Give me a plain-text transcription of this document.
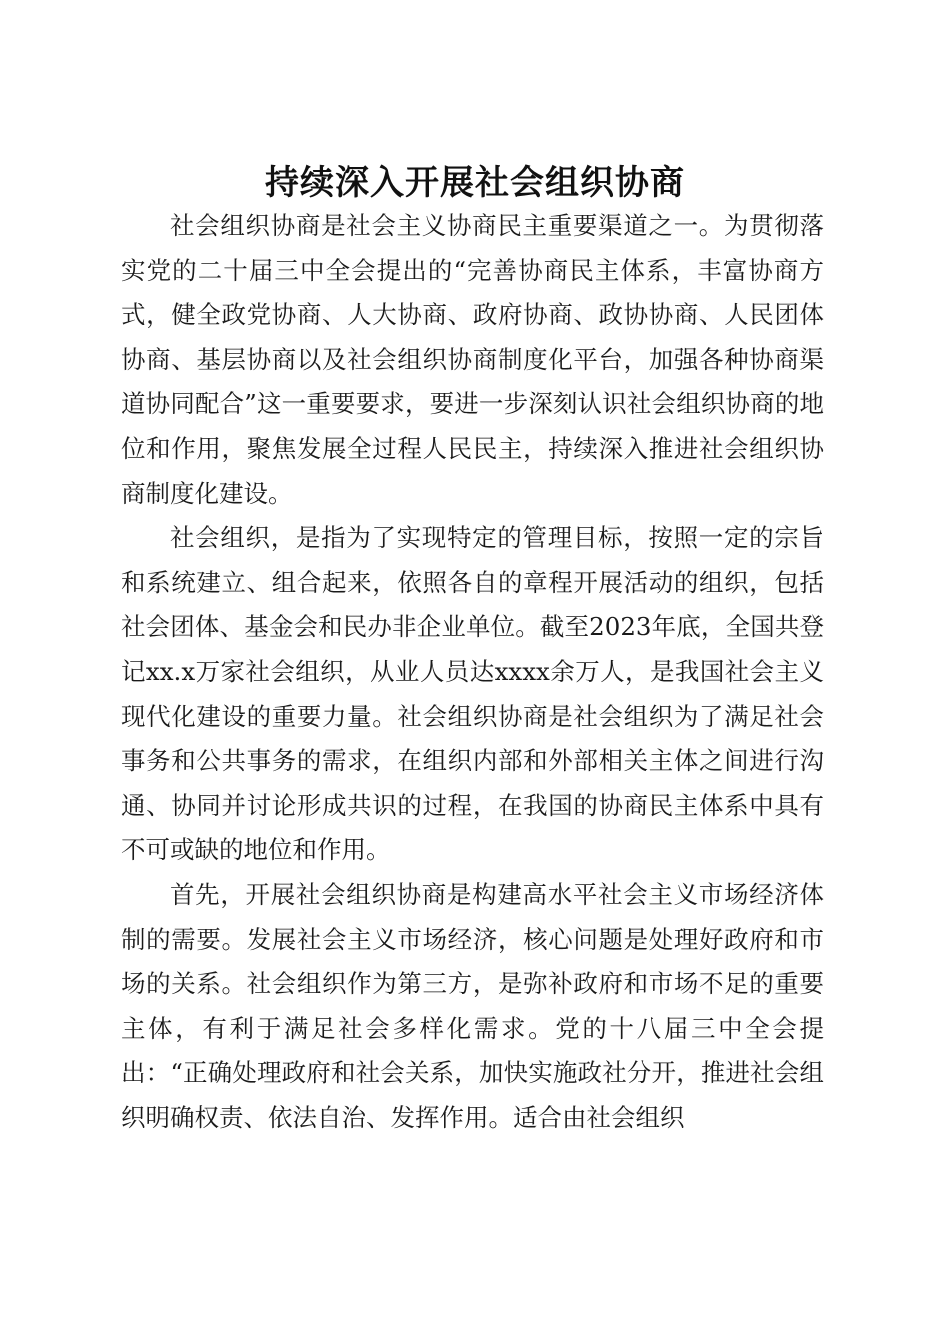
持续深入开展社会组织协商

社会组织协商是社会主义协商民主重要渠道之一。为贯彻落实党的二十届三中全会提出的“完善协商民主体系，丰富协商方式，健全政党协商、人大协商、政府协商、政协协商、人民团体协商、基层协商以及社会组织协商制度化平台，加强各种协商渠道协同配合”这一重要要求，要进一步深刻认识社会组织协商的地位和作用，聚焦发展全过程人民民主，持续深入推进社会组织协商制度化建设。

社会组织，是指为了实现特定的管理目标，按照一定的宗旨和系统建立、组合起来，依照各自的章程开展活动的组织，包括社会团体、基金会和民办非企业单位。截至2023年底，全国共登记xx.x万家社会组织，从业人员达xxxx余万人，是我国社会主义现代化建设的重要力量。社会组织协商是社会组织为了满足社会事务和公共事务的需求，在组织内部和外部相关主体之间进行沟通、协同并讨论形成共识的过程，在我国的协商民主体系中具有不可或缺的地位和作用。

首先，开展社会组织协商是构建高水平社会主义市场经济体制的需要。发展社会主义市场经济，核心问题是处理好政府和市场的关系。社会组织作为第三方，是弥补政府和市场不足的重要主体，有利于满足社会多样化需求。党的十八届三中全会提出：“正确处理政府和社会关系，加快实施政社分开，推进社会组织明确权责、依法自治、发挥作用。适合由社会组织
